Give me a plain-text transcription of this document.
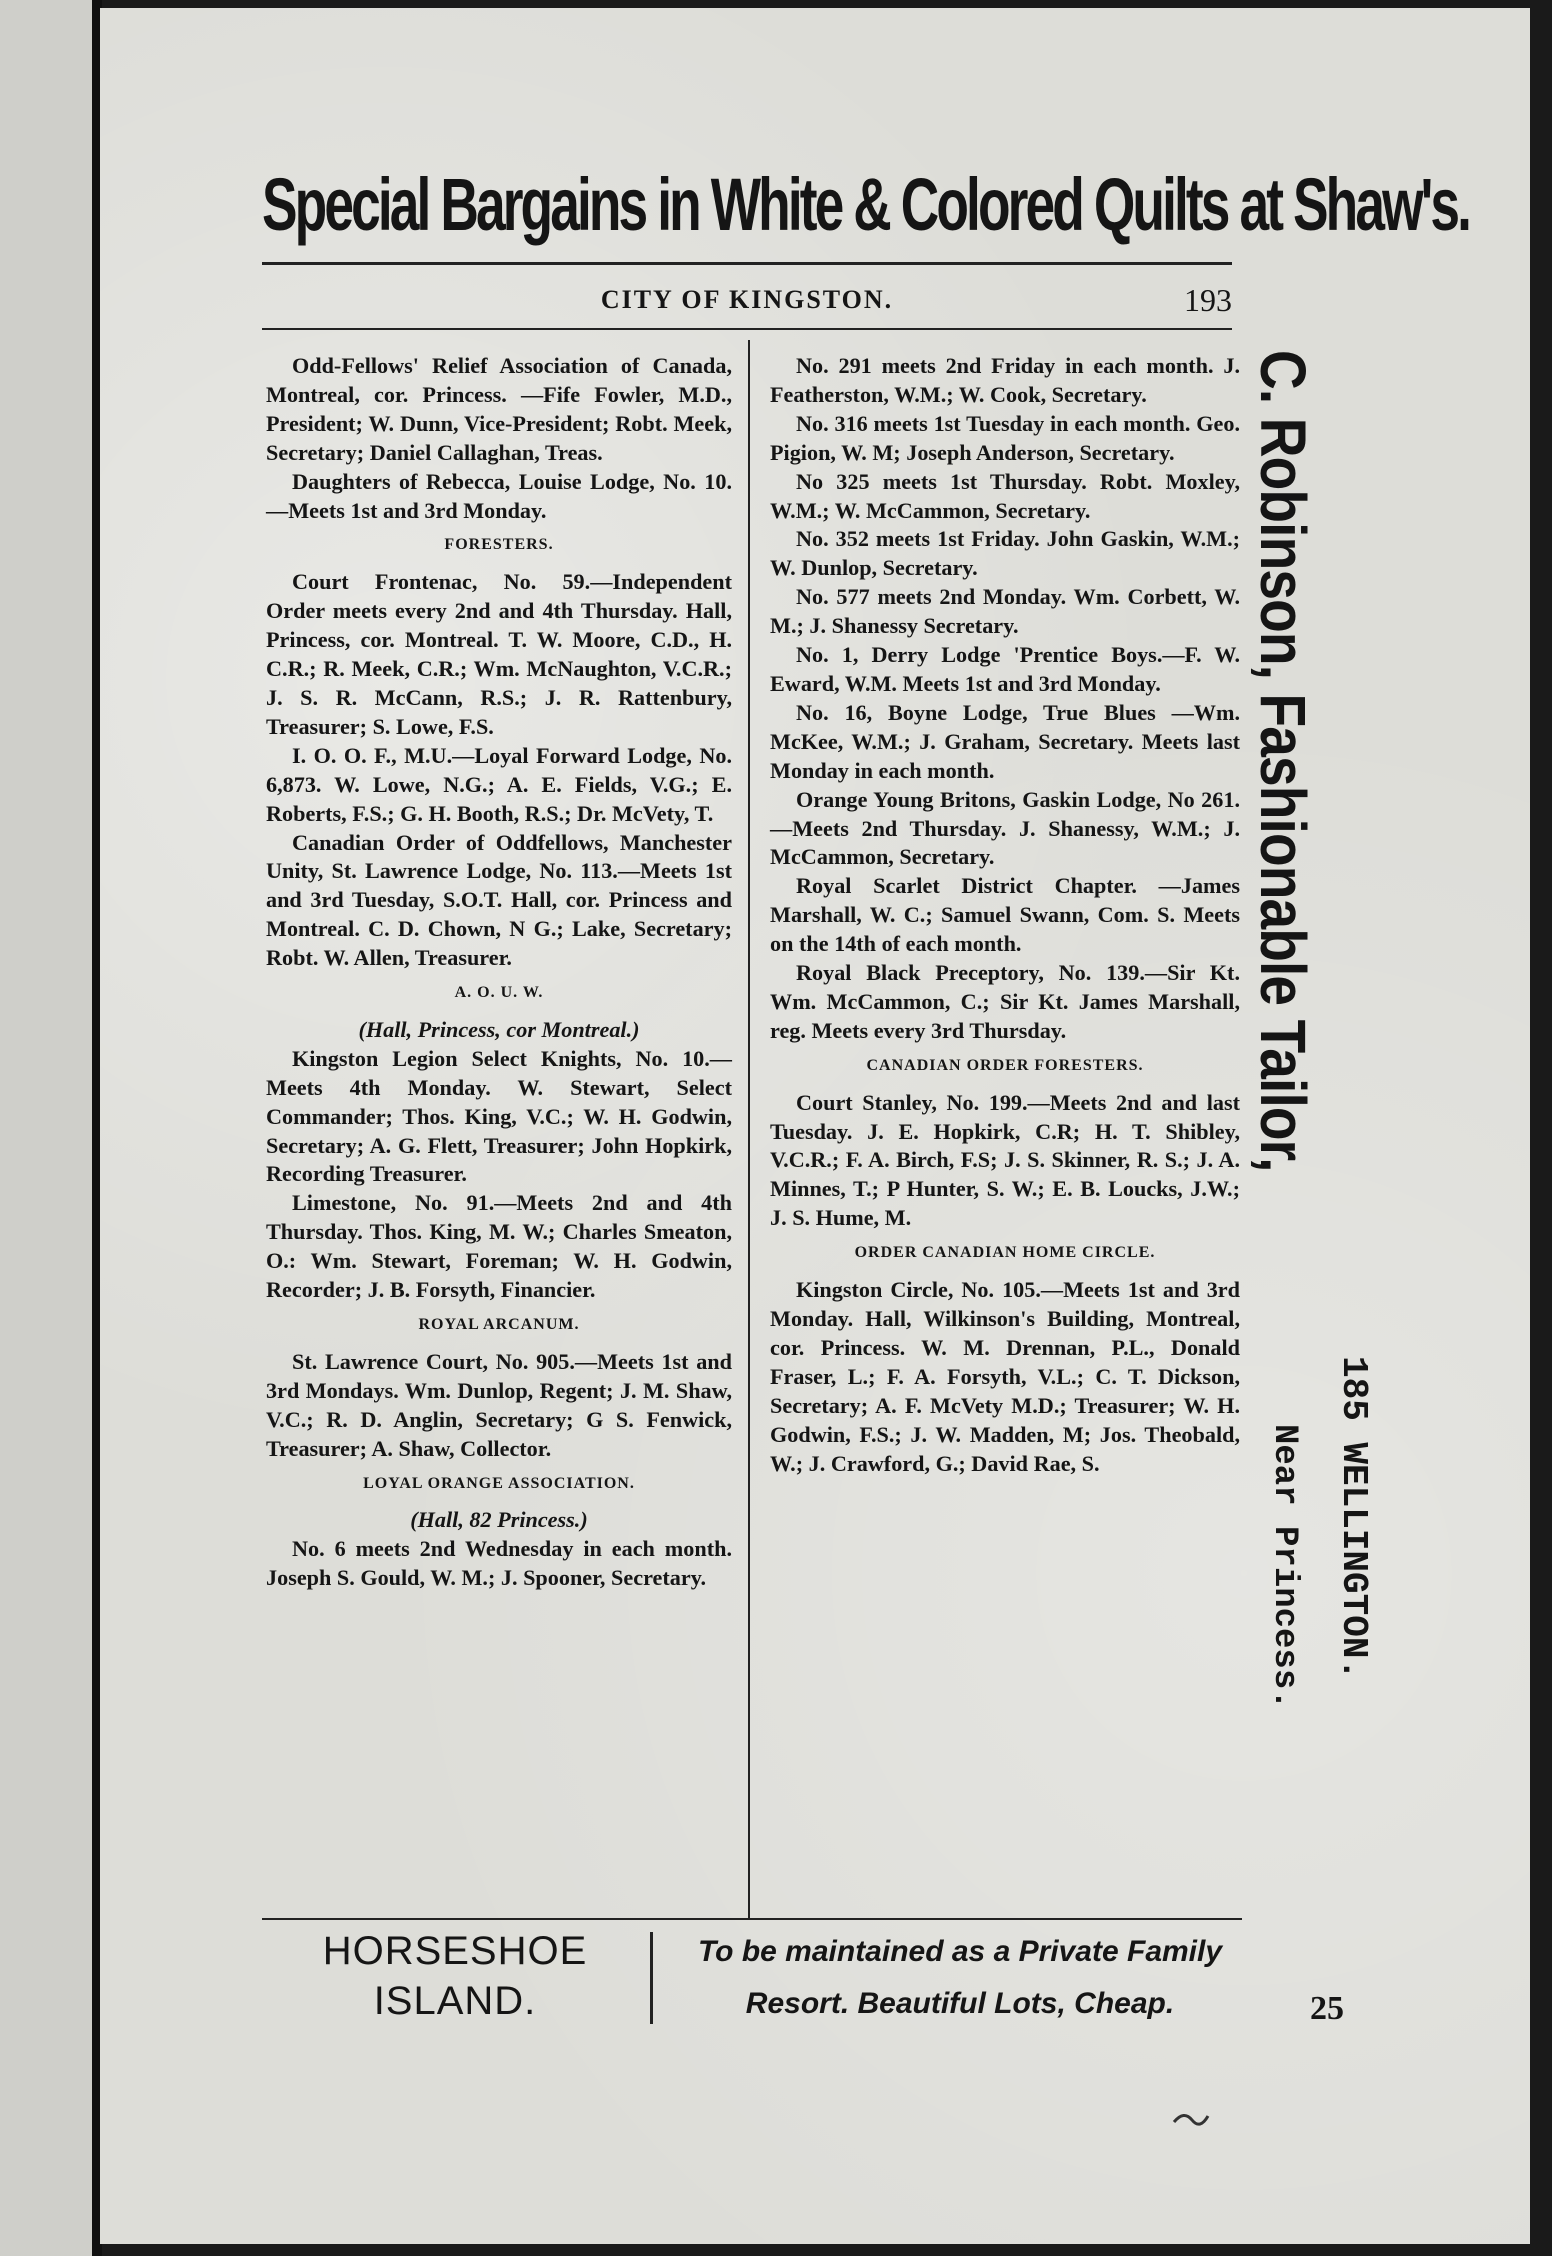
Special Bargains in White & Colored Quilts at Shaw's.
CITY OF KINGSTON.	193

Odd-Fellows' Relief Association of Canada, Montreal, cor. Princess. —Fife Fowler, M.D., President; W. Dunn, Vice-President; Robt. Meek, Secretary; Daniel Callaghan, Treas.

Daughters of Rebecca, Louise Lodge, No. 10.—Meets 1st and 3rd Monday.

FORESTERS.

Court Frontenac, No. 59.—Independent Order meets every 2nd and 4th Thursday. Hall, Princess, cor. Montreal. T. W. Moore, C.D., H. C.R.; R. Meek, C.R.; Wm. McNaughton, V.C.R.; J. S. R. McCann, R.S.; J. R. Rattenbury, Treasurer; S. Lowe, F.S.

I. O. O. F., M.U.—Loyal Forward Lodge, No. 6,873. W. Lowe, N.G.; A. E. Fields, V.G.; E. Roberts, F.S.; G. H. Booth, R.S.; Dr. McVety, T.

Canadian Order of Oddfellows, Manchester Unity, St. Lawrence Lodge, No. 113.—Meets 1st and 3rd Tuesday, S.O.T. Hall, cor. Princess and Montreal. C. D. Chown, N G.; Lake, Secretary; Robt. W. Allen, Treasurer.

A. O. U. W.

(Hall, Princess, cor Montreal.)

Kingston Legion Select Knights, No. 10.—Meets 4th Monday. W. Stewart, Select Commander; Thos. King, V.C.; W. H. Godwin, Secretary; A. G. Flett, Treasurer; John Hopkirk, Recording Treasurer.

Limestone, No. 91.—Meets 2nd and 4th Thursday. Thos. King, M. W.; Charles Smeaton, O.: Wm. Stewart, Foreman; W. H. Godwin, Recorder; J. B. Forsyth, Financier.

ROYAL ARCANUM.

St. Lawrence Court, No. 905.—Meets 1st and 3rd Mondays. Wm. Dunlop, Regent; J. M. Shaw, V.C.; R. D. Anglin, Secretary; G S. Fenwick, Treasurer; A. Shaw, Collector.

LOYAL ORANGE ASSOCIATION.

(Hall, 82 Princess.)

No. 6 meets 2nd Wednesday in each month. Joseph S. Gould, W. M.; J. Spooner, Secretary.

No. 291 meets 2nd Friday in each month. J. Featherston, W.M.; W. Cook, Secretary.

No. 316 meets 1st Tuesday in each month. Geo. Pigion, W. M; Joseph Anderson, Secretary.

No 325 meets 1st Thursday. Robt. Moxley, W.M.; W. McCammon, Secretary.

No. 352 meets 1st Friday. John Gaskin, W.M.; W. Dunlop, Secretary.

No. 577 meets 2nd Monday. Wm. Corbett, W. M.; J. Shanessy Secretary.

No. 1, Derry Lodge 'Prentice Boys.—F. W. Eward, W.M. Meets 1st and 3rd Monday.

No. 16, Boyne Lodge, True Blues —Wm. McKee, W.M.; J. Graham, Secretary. Meets last Monday in each month.

Orange Young Britons, Gaskin Lodge, No 261.—Meets 2nd Thursday. J. Shanessy, W.M.; J. McCammon, Secretary.

Royal Scarlet District Chapter. —James Marshall, W. C.; Samuel Swann, Com. S. Meets on the 14th of each month.

Royal Black Preceptory, No. 139.—Sir Kt. Wm. McCammon, C.; Sir Kt. James Marshall, reg. Meets every 3rd Thursday.

CANADIAN ORDER FORESTERS.

Court Stanley, No. 199.—Meets 2nd and last Tuesday. J. E. Hopkirk, C.R; H. T. Shibley, V.C.R.; F. A. Birch, F.S; J. S. Skinner, R. S.; J. A. Minnes, T.; P Hunter, S. W.; E. B. Loucks, J.W.; J. S. Hume, M.

ORDER CANADIAN HOME CIRCLE.

Kingston Circle, No. 105.—Meets 1st and 3rd Monday. Hall, Wilkinson's Building, Montreal, cor. Princess. W. M. Drennan, P.L., Donald Fraser, L.; F. A. Forsyth, V.L.; C. T. Dickson, Secretary; A. F. McVety M.D.; Treasurer; W. H. Godwin, F.S.; J. W. Madden, M; Jos. Theobald, W.; J. Crawford, G.; David Rae, S.

C. Robinson, Fashionable Tailor,
185 WELLINGTON.
Near Princess.
HORSESHOE
ISLAND.
To be maintained as a Private Family
Resort. Beautiful Lots, Cheap.	25
